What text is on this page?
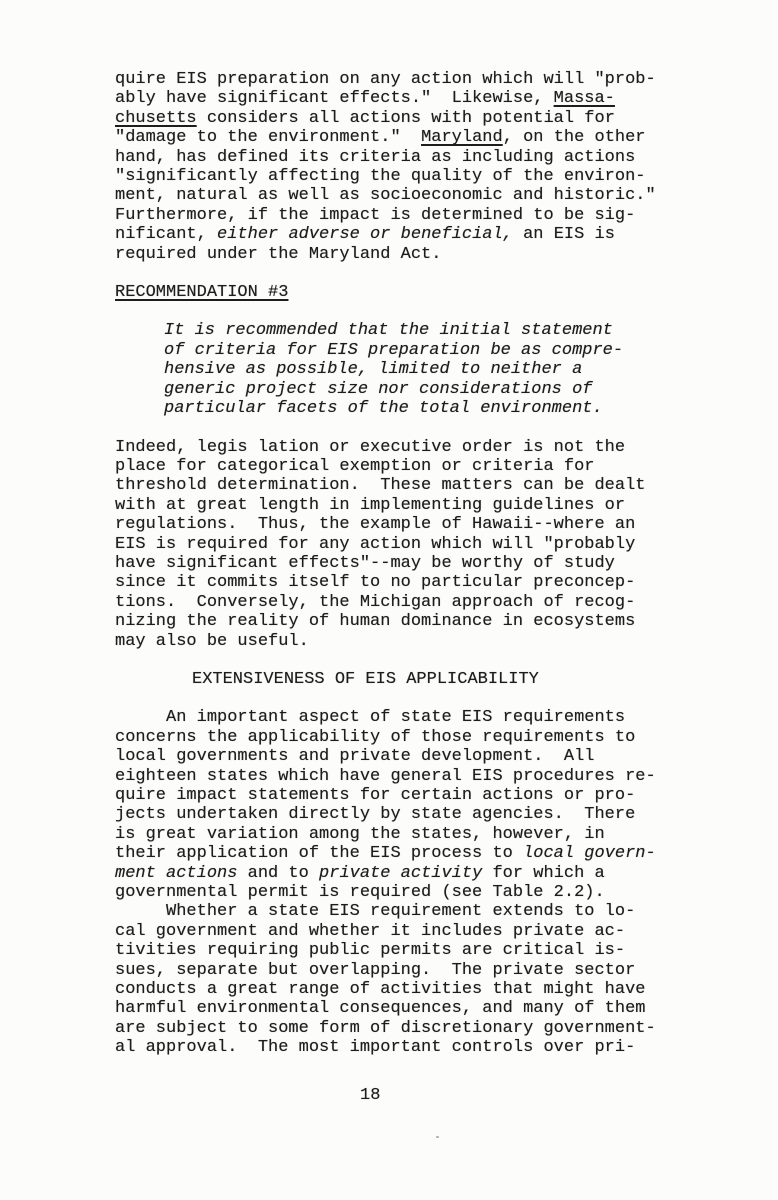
quire EIS preparation on any action which will "prob-
ably have significant effects."  Likewise, Massa-
chusetts considers all actions with potential for
"damage to the environment."  Maryland, on the other
hand, has defined its criteria as including actions
"significantly affecting the quality of the environ-
ment, natural as well as socioeconomic and historic."
Furthermore, if the impact is determined to be sig-
nificant, either adverse or beneficial, an EIS is
required under the Maryland Act.
RECOMMENDATION #3
It is recommended that the initial statement
of criteria for EIS preparation be as compre-
hensive as possible, limited to neither a
generic project size nor considerations of
particular facets of the total environment.
Indeed, legis lation or executive order is not the
place for categorical exemption or criteria for
threshold determination.  These matters can be dealt
with at great length in implementing guidelines or
regulations.  Thus, the example of Hawaii--where an
EIS is required for any action which will "probably
have significant effects"--may be worthy of study
since it commits itself to no particular preconcep-
tions.  Conversely, the Michigan approach of recog-
nizing the reality of human dominance in ecosystems
may also be useful.
EXTENSIVENESS OF EIS APPLICABILITY
An important aspect of state EIS requirements
concerns the applicability of those requirements to
local governments and private development.  All
eighteen states which have general EIS procedures re-
quire impact statements for certain actions or pro-
jects undertaken directly by state agencies.  There
is great variation among the states, however, in
their application of the EIS process to local govern-
ment actions and to private activity for which a
governmental permit is required (see Table 2.2).
Whether a state EIS requirement extends to lo-
cal government and whether it includes private ac-
tivities requiring public permits are critical is-
sues, separate but overlapping.  The private sector
conducts a great range of activities that might have
harmful environmental consequences, and many of them
are subject to some form of discretionary government-
al approval.  The most important controls over pri-
18
